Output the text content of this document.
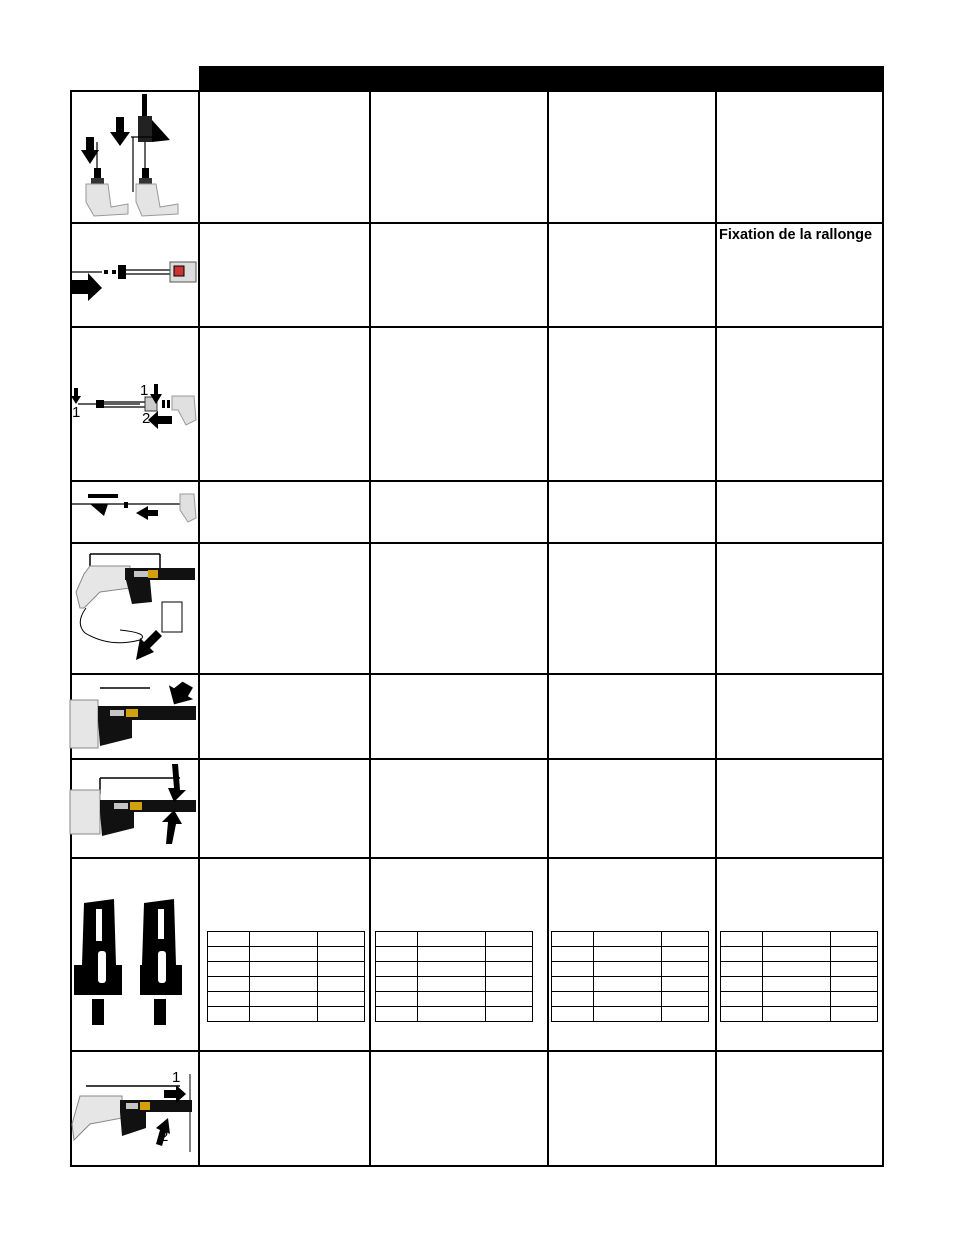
Fixation de la rallonge
1
1
2

1
2
